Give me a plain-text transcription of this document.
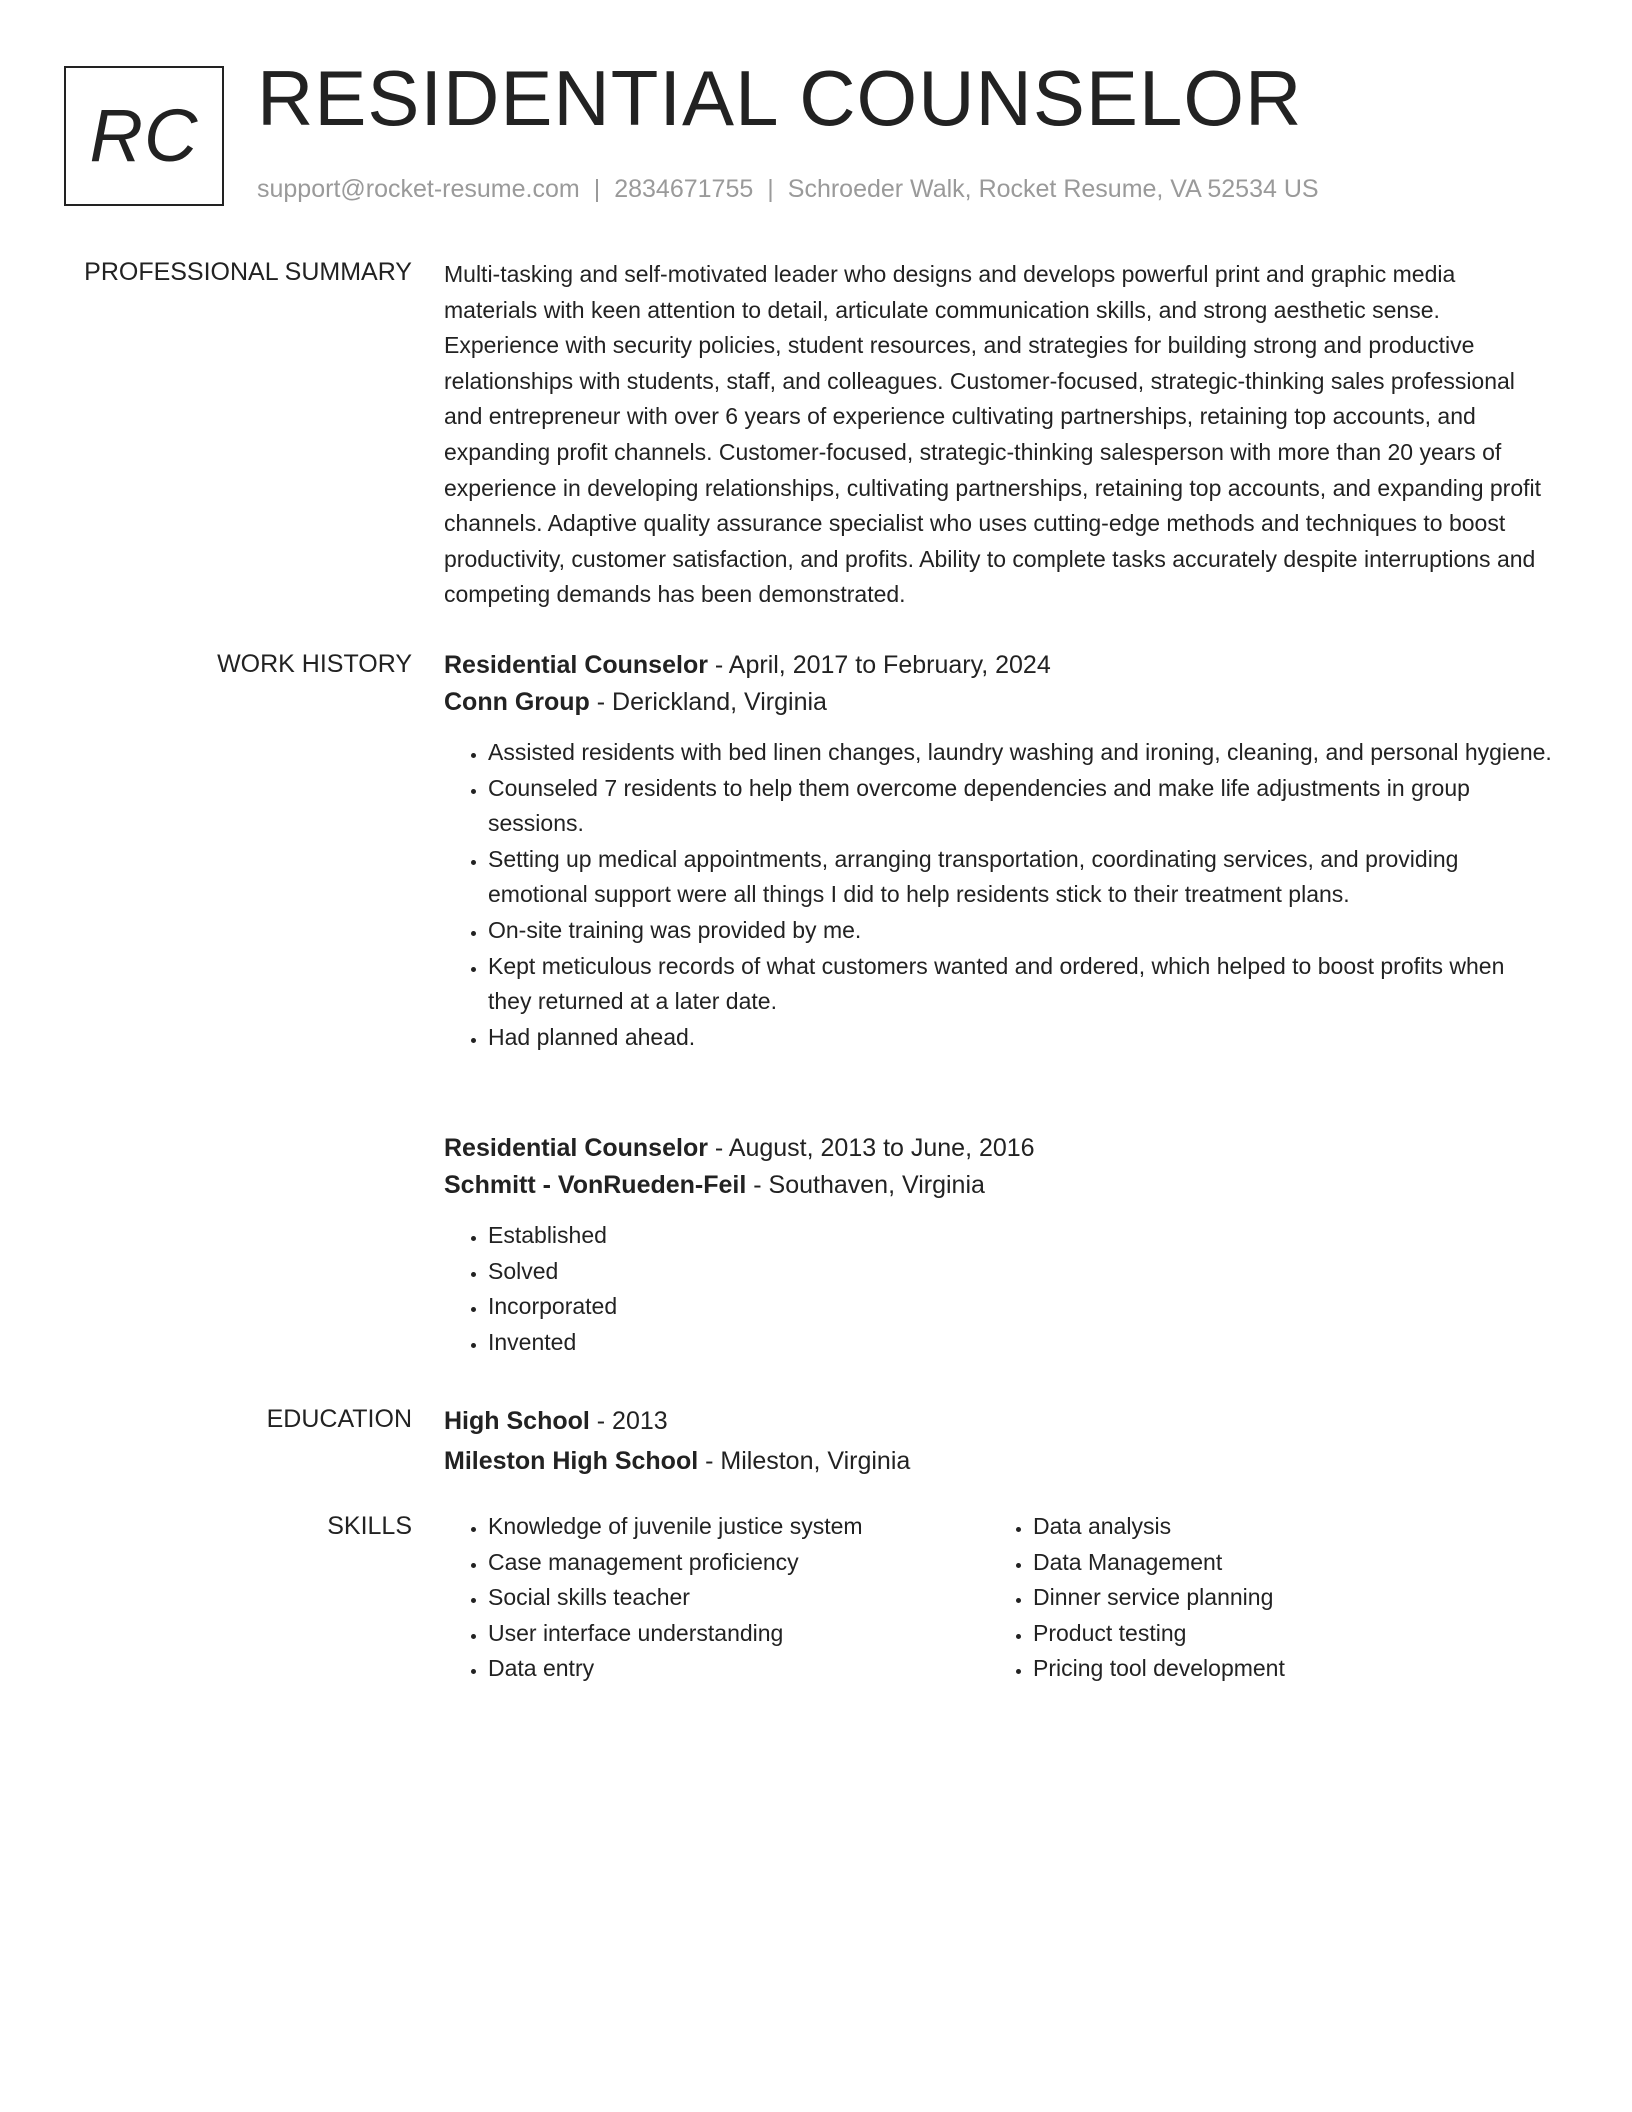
RC RESIDENTIAL COUNSELOR
support@rocket-resume.com | 2834671755 | Schroeder Walk, Rocket Resume, VA 52534 US
PROFESSIONAL SUMMARY Multi-tasking and self-motivated leader who designs and develops powerful print and graphic media materials with keen attention to detail, articulate communication skills, and strong aesthetic sense. Experience with security policies, student resources, and strategies for building strong and productive relationships with students, staff, and colleagues. Customer-focused, strategic-thinking sales professional and entrepreneur with over 6 years of experience cultivating partnerships, retaining top accounts, and expanding profit channels. Customer-focused, strategic-thinking salesperson with more than 20 years of experience in developing relationships, cultivating partnerships, retaining top accounts, and expanding profit channels. Adaptive quality assurance specialist who uses cutting-edge methods and techniques to boost productivity, customer satisfaction, and profits. Ability to complete tasks accurately despite interruptions and competing demands has been demonstrated.

WORK HISTORY Residential Counselor - April, 2017 to February, 2024
Conn Group - Derickland, Virginia
• Assisted residents with bed linen changes, laundry washing and ironing, cleaning, and personal hygiene.
• Counseled 7 residents to help them overcome dependencies and make life adjustments in group sessions.
• Setting up medical appointments, arranging transportation, coordinating services, and providing emotional support were all things I did to help residents stick to their treatment plans.
• On-site training was provided by me.
• Kept meticulous records of what customers wanted and ordered, which helped to boost profits when they returned at a later date.
• Had planned ahead.
Residential Counselor - August, 2013 to June, 2016
Schmitt - VonRueden-Feil - Southaven, Virginia
• Established
• Solved
• Incorporated
• Invented
EDUCATION High School - 2013
Mileston High School - Mileston, Virginia
SKILLS
•	Knowledge of juvenile justice system
• Case management proficiency
• Social skills teacher
• User interface understanding
• Data entry
• Data analysis
• Data Management
• Dinner service planning
• Product testing
• Pricing tool development
